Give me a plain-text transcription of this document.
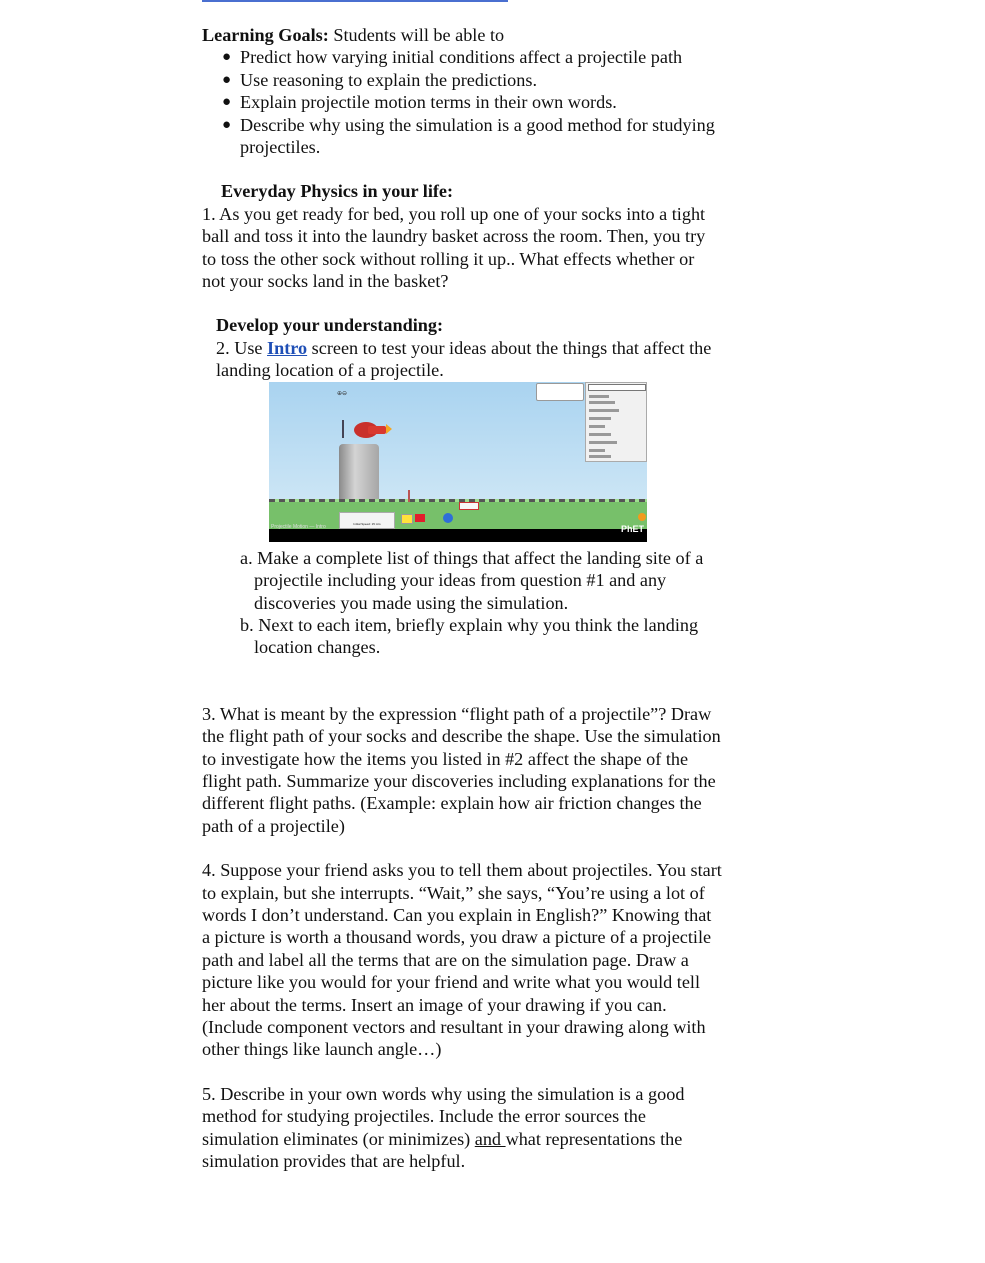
Learning Goals: Students will be able to

● Predict how varying initial conditions affect a projectile path
● Use reasoning to explain the predictions.
● Explain projectile motion terms in their own words.
● Describe why using the simulation is a good method for studying projectiles.

Everyday Physics in your life:

1. As you get ready for bed, you roll up one of your socks into a tight ball and toss it into the laundry basket across the room. Then, you try to toss the other sock without rolling it up.. What effects whether or not your socks land in the basket?

Develop your understanding:

2. Use Intro screen to test your ideas about the things that affect the landing location of a projectile.

⊕⊖
Initial Speed: 15 m/s
Projectile Motion — Intro	PhET

a. Make a complete list of things that affect the landing site of a projectile including your ideas from question #1 and any discoveries you made using the simulation.

b. Next to each item, briefly explain why you think the landing location changes.

3. What is meant by the expression “flight path of a projectile”? Draw the flight path of your socks and describe the shape. Use the simulation to investigate how the items you listed in #2 affect the shape of the flight path. Summarize your discoveries including explanations for the different flight paths. (Example: explain how air friction changes the path of a projectile)

4. Suppose your friend asks you to tell them about projectiles. You start to explain, but she interrupts. “Wait,” she says, “You’re using a lot of words I don’t understand. Can you explain in English?” Knowing that a picture is worth a thousand words, you draw a picture of a projectile path and label all the terms that are on the simulation page. Draw a picture like you would for your friend and write what you would tell her about the terms. Insert an image of your drawing if you can. (Include component vectors and resultant in your drawing along with other things like launch angle…)

5. Describe in your own words why using the simulation is a good method for studying projectiles. Include the error sources the simulation eliminates (or minimizes) and what representations the simulation provides that are helpful.
